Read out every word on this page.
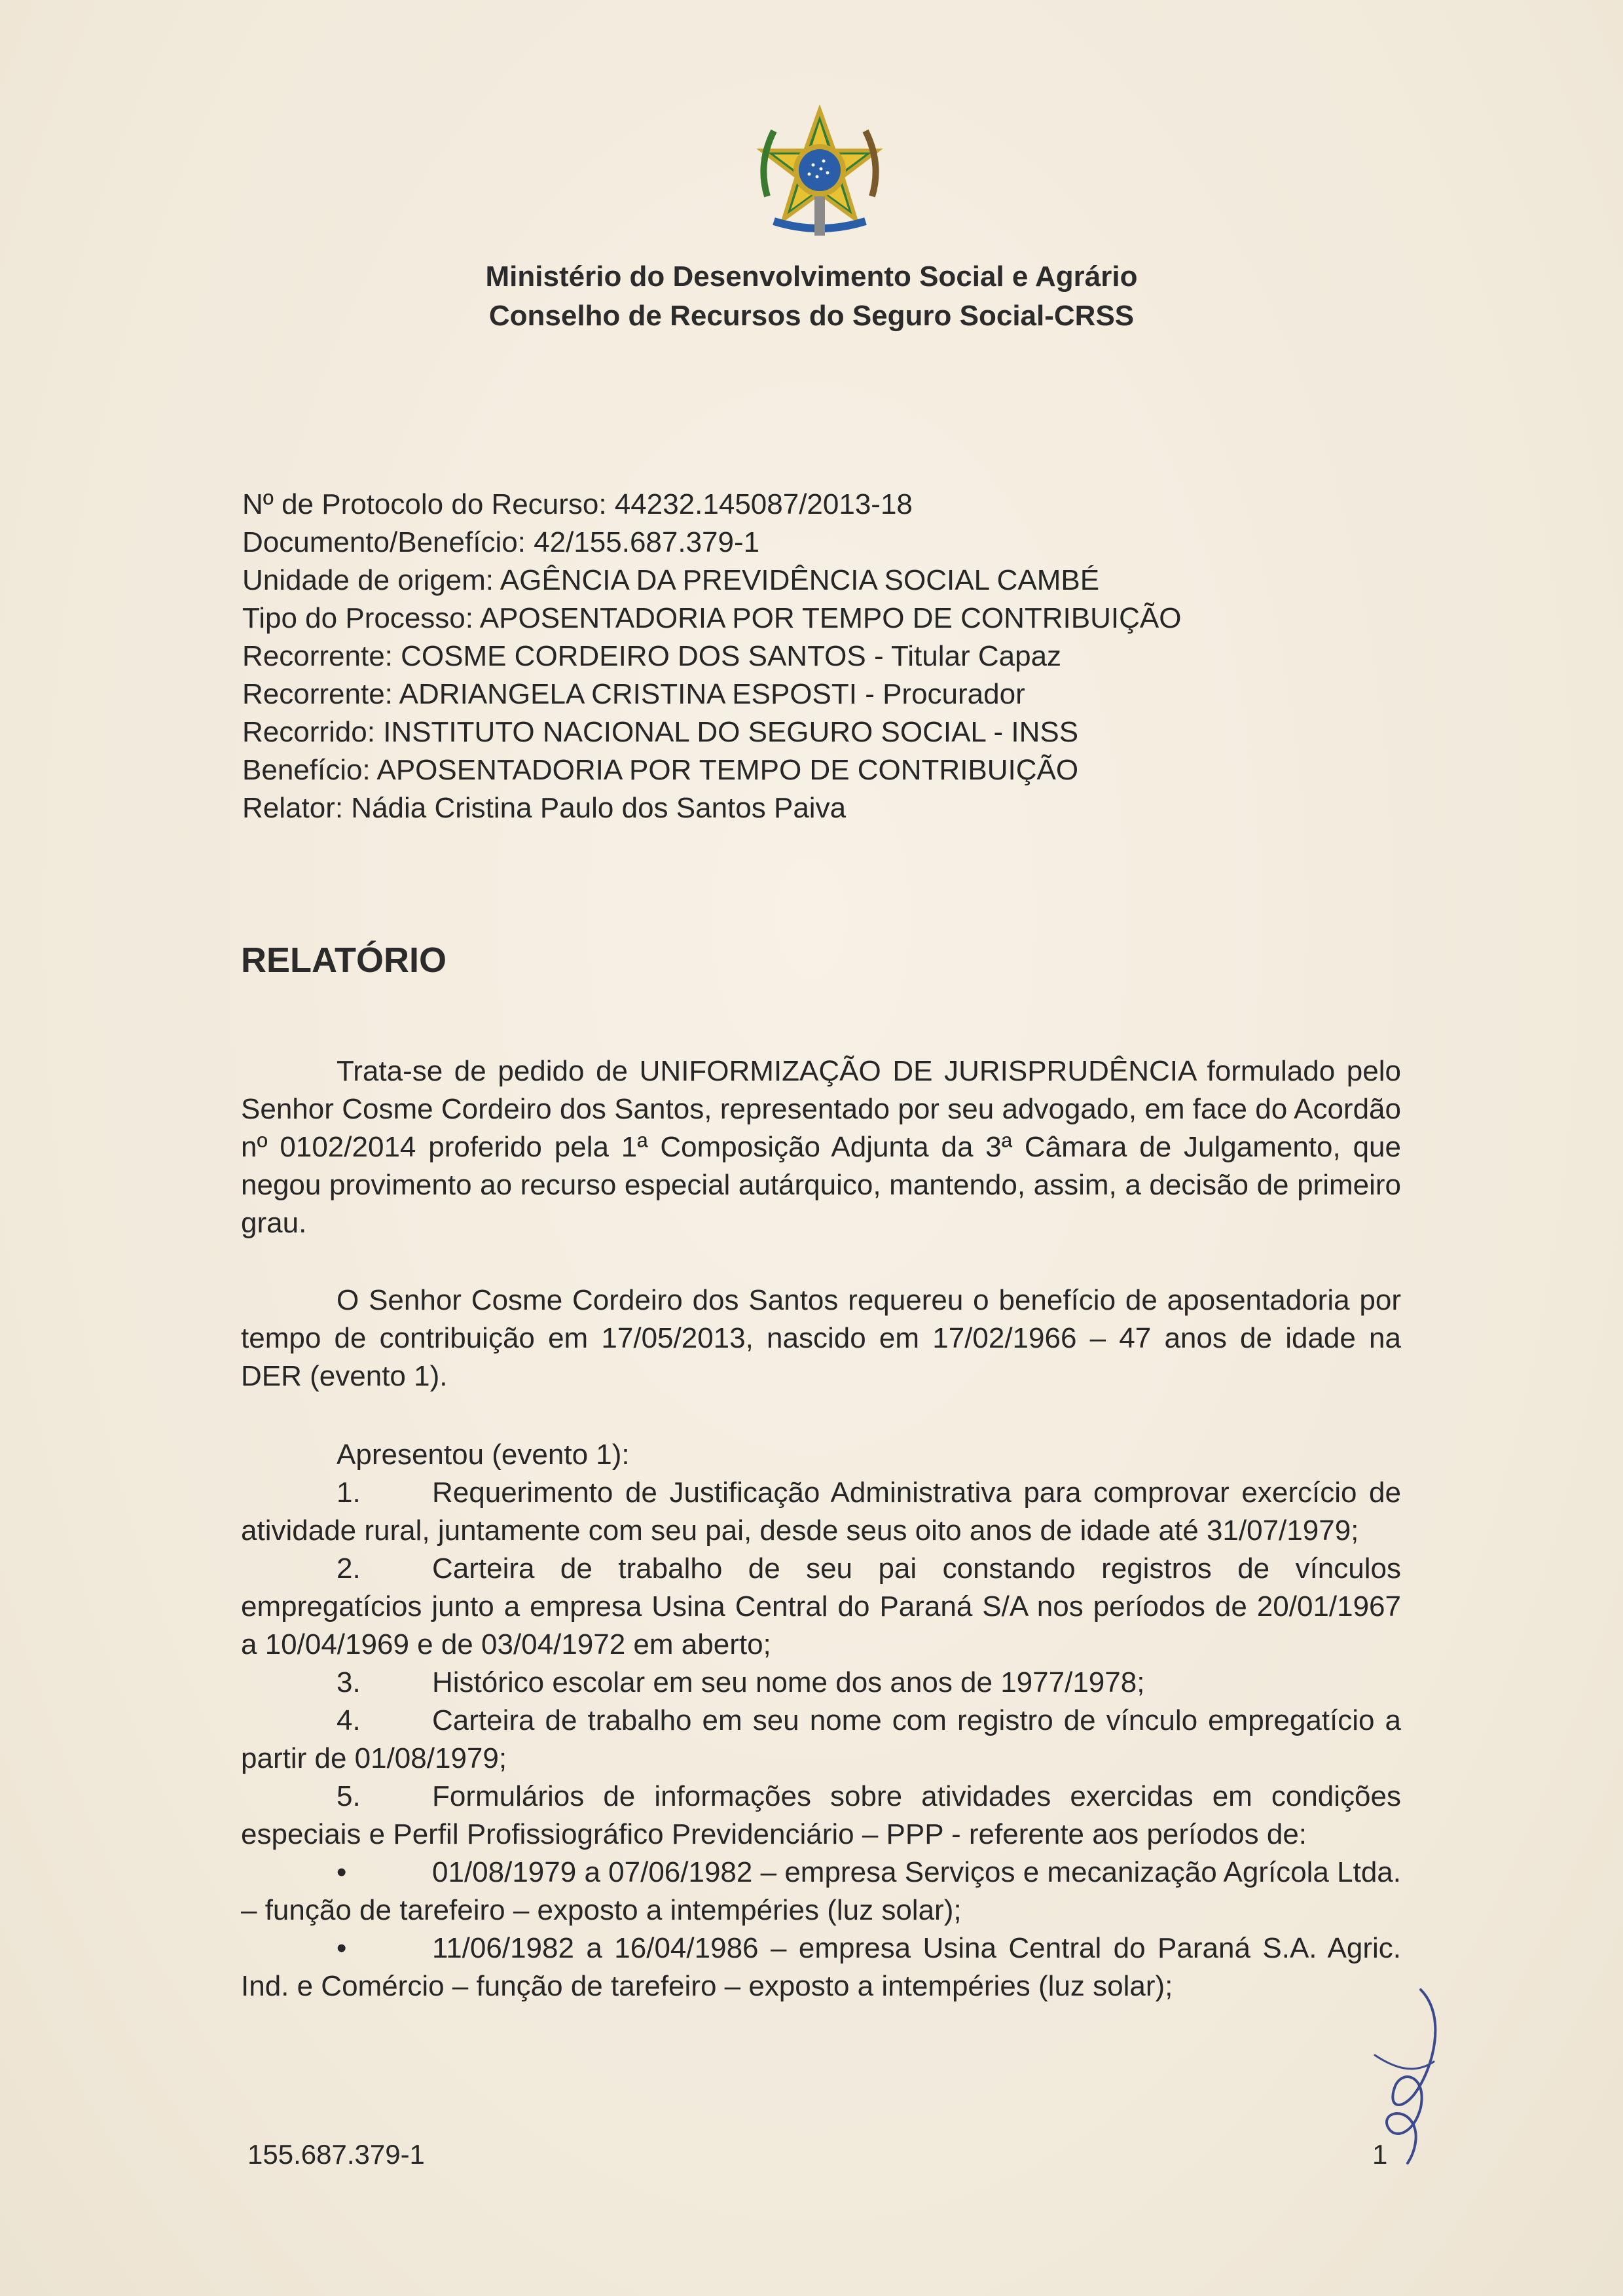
Ministério do Desenvolvimento Social e Agrário
Conselho de Recursos do Seguro Social-CRSS
Nº de Protocolo do Recurso: 44232.145087/2013-18
Documento/Benefício: 42/155.687.379-1
Unidade de origem: AGÊNCIA DA PREVIDÊNCIA SOCIAL CAMBÉ
Tipo do Processo: APOSENTADORIA POR TEMPO DE CONTRIBUIÇÃO
Recorrente: COSME CORDEIRO DOS SANTOS - Titular Capaz
Recorrente: ADRIANGELA CRISTINA ESPOSTI - Procurador
Recorrido: INSTITUTO NACIONAL DO SEGURO SOCIAL - INSS
Benefício: APOSENTADORIA POR TEMPO DE CONTRIBUIÇÃO
Relator: Nádia Cristina Paulo dos Santos Paiva
RELATÓRIO
Trata-se de pedido de UNIFORMIZAÇÃO DE JURISPRUDÊNCIA formulado pelo Senhor Cosme Cordeiro dos Santos, representado por seu advogado, em face do Acordão nº 0102/2014 proferido pela 1ª Composição Adjunta da 3ª Câmara de Julgamento, que negou provimento ao recurso especial autárquico, mantendo, assim, a decisão de primeiro grau.
O Senhor Cosme Cordeiro dos Santos requereu o benefício de aposentadoria por tempo de contribuição em 17/05/2013, nascido em 17/02/1966 – 47 anos de idade na DER (evento 1).
Apresentou (evento 1):
1. Requerimento de Justificação Administrativa para comprovar exercício de atividade rural, juntamente com seu pai, desde seus oito anos de idade até 31/07/1979;
2. Carteira de trabalho de seu pai constando registros de vínculos empregatícios junto a empresa Usina Central do Paraná S/A nos períodos de 20/01/1967 a 10/04/1969 e de 03/04/1972 em aberto;
3. Histórico escolar em seu nome dos anos de 1977/1978;
4. Carteira de trabalho em seu nome com registro de vínculo empregatício a partir de 01/08/1979;
5. Formulários de informações sobre atividades exercidas em condições especiais e Perfil Profissiográfico Previdenciário – PPP - referente aos períodos de:
•	01/08/1979 a 07/06/1982 – empresa Serviços e mecanização Agrícola Ltda. – função de tarefeiro – exposto a intempéries (luz solar);
•	11/06/1982 a 16/04/1986 – empresa Usina Central do Paraná S.A. Agric. Ind. e Comércio – função de tarefeiro – exposto a intempéries (luz solar);
155.687.379-1	1
